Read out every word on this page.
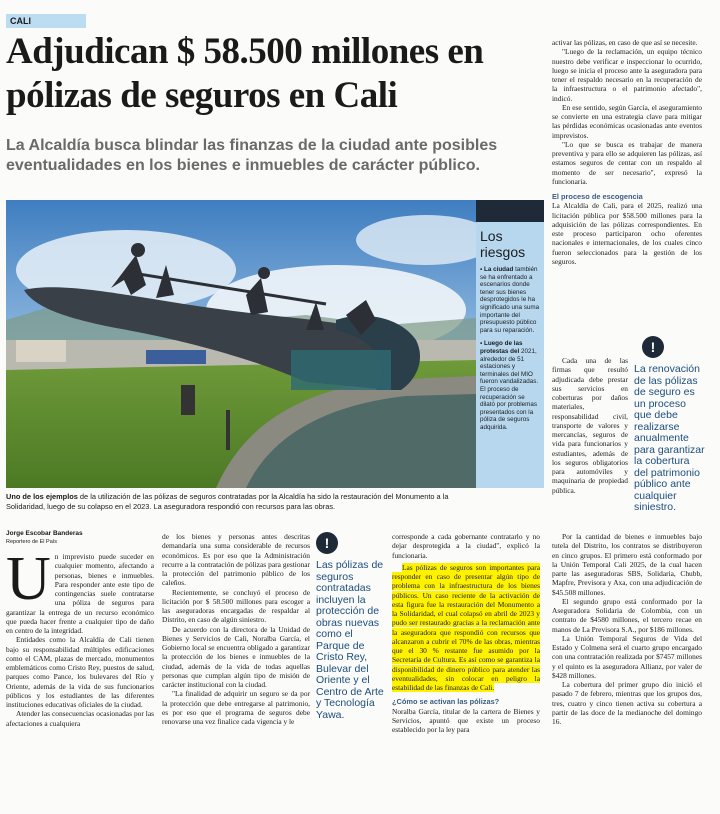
CALI
Adjudican $ 58.500 millones en pólizas de seguros en Cali
La Alcaldía busca blindar las finanzas de la ciudad ante posibles eventualidades en los bienes e inmuebles de carácter público.
Los riesgos
▪ La ciudad también se ha enfrentado a escenarios donde tener sus bienes desprotegidos le ha significado una suma importante del presupuesto público para su reparación.
▪ Luego de las protestas del 2021, alrededor de 51 estaciones y terminales del MIO fueron vandalizadas. El proceso de recuperación se dilató por problemas presentados con la póliza de seguros adquirida.
Uno de los ejemplos de la utilización de las pólizas de seguros contratadas por la Alcaldía ha sido la restauración del Monumento a la Solidaridad, luego de su colapso en el 2023. La aseguradora respondió con recursos para las obras.
Jorge Escobar Banderas
Reportero de El País
U n imprevisto puede suceder en cualquier momento, afectando a personas, bienes e inmuebles. Para responder ante este tipo de contingencias suele contratarse una póliza de seguros para garantizar la entrega de un recurso económico que pueda hacer frente a cualquier tipo de daño en centro de la integridad.

Entidades como la Alcaldía de Cali tienen bajo su responsabilidad múltiples edificaciones como el CAM, plazas de mercado, monumentos emblemáticos como Cristo Rey, puestos de salud, parques como Pance, los bulevares del Río y Oriente, además de la vida de sus funcionarios públicos y los estudiantes de las diferentes instituciones educativas oficiales de la ciudad.

Atender las consecuencias ocasionadas por las afectaciones a cualquiera

de los bienes y personas antes descritas demandaría una suma considerable de recursos económicos. Es por eso que la Administración recurre a la contratación de pólizas para gestionar la protección del patrimonio público de los caleños.

Recientemente, se concluyó el proceso de licitación por $ 58.500 millones para escoger a las aseguradoras encargadas de respaldar al Distrito, en caso de algún siniestro.

De acuerdo con la directora de la Unidad de Bienes y Servicios de Cali, Noralba García, el Gobierno local se encuentra obligado a garantizar la protección de los bienes e inmuebles de la ciudad, además de la vida de todas aquellas personas que cumplan algún tipo de misión de carácter institucional con la ciudad.

"La finalidad de adquirir un seguro se da por la protección que debe entregarse al patrimonio, es por eso que el programa de seguros debe renovarse una vez finalice cada vigencia y le

!
Las pólizas de seguros contratadas incluyen la protección de obras nuevas como el Parque de Cristo Rey, Bulevar del Oriente y el Centro de Arte y Tecnología Yawa.

corresponde a cada gobernante contratarlo y no dejar desprotegida a la ciudad", explicó la funcionaria.

Las pólizas de seguros son importantes para responder en caso de presentar algún tipo de problema con la infraestructura de los bienes públicos. Un caso reciente de la activación de esta figura fue la restauración del Monumento a la Solidaridad, el cual colapsó en abril de 2023 y pudo ser restaurado gracias a la reclamación ante la aseguradora que respondió con recursos que alcanzaron a cubrir el 70% de las obras, mientras que el 30 % restante fue asumido por la Secretaría de Cultura. Es así como se garantiza la disponibilidad de dinero público para atender las eventualidades, sin colocar en peligro la estabilidad de las finanzas de Cali.

¿Cómo se activan las pólizas?

Noralba García, titular de la cartera de Bienes y Servicios, apuntó que existe un proceso establecido por la ley para

activar las pólizas, en caso de que así se necesite.

"Luego de la reclamación, un equipo técnico nuestro debe verificar e inspeccionar lo ocurrido, luego se inicia el proceso ante la aseguradora para tener el respaldo necesario en la recuperación de la infraestructura o el patrimonio afectado", indicó.

En ese sentido, según García, el aseguramiento se convierte en una estrategia clave para mitigar las pérdidas económicas ocasionadas ante eventos imprevistos.

"Lo que se busca es trabajar de manera preventiva y para ello se adquieren las pólizas, así estamos seguros de centar con un respaldo al momento de ser necesario", expresó la funcionaria.

El proceso de escogencia

La Alcaldía de Cali, para el 2025, realizó una licitación pública por $58.500 millones para la adquisición de las pólizas correspondientes. En este proceso participaron ocho oferentes nacionales e internacionales, de los cuales cinco fueron seleccionados para la gestión de los seguros.

Cada una de las firmas que resultó adjudicada debe prestar sus servicios en coberturas por daños materiales, responsabilidad civil, transporte de valores y mercancías, seguros de vida para funcionarios y estudiantes, además de los seguros obligatorios para automóviles y maquinaria de propiedad pública.

!
La renovación de las pólizas de seguro es un proceso que debe realizarse anualmente para garantizar la cobertura del patrimonio público ante cualquier siniestro.

Por la cantidad de bienes e inmuebles bajo tutela del Distrito, los contratos se distribuyeron en cinco grupos. El primero está conformado por la Unión Temporal Cali 2025, de la cual hacen parte las aseguradoras SBS, Solidaria, Chubb, Mapfre, Previsora y Axa, con una adjudicación de $45.508 millones.

El segundo grupo está conformado por la Aseguradora Solidaria de Colombia, con un contrato de $4580 millones, el tercero recae en manos de La Previsora S.A., por $186 millones.

La Unión Temporal Seguros de Vida del Estado y Colmena será el cuarto grupo encargado con una contratación realizada por $7457 millones y el quinto es la aseguradora Allianz, por valer de $428 millones.

La cobertura del primer grupo dio inició el pasado 7 de febrero, mientras que los grupos dos, tres, cuatro y cinco tienen activa su cobertura a partir de las doce de la medianoche del domingo 16.
